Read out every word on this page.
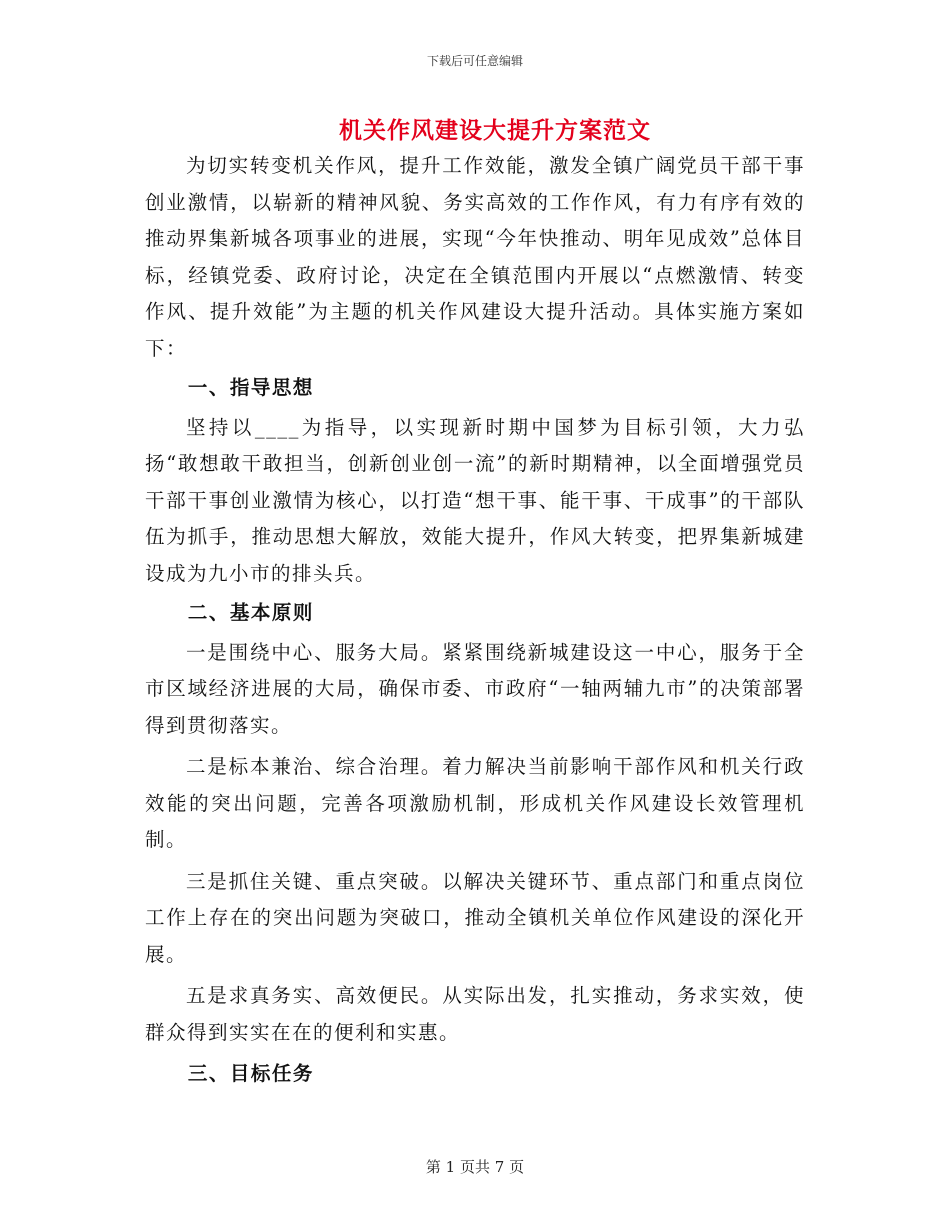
下载后可任意编辑
机关作风建设大提升方案范文

为切实转变机关作风，提升工作效能，激发全镇广阔党员干部干事创业激情，以崭新的精神风貌、务实高效的工作作风，有力有序有效的推动界集新城各项事业的进展，实现“今年快推动、明年见成效”总体目标，经镇党委、政府讨论，决定在全镇范围内开展以“点燃激情、转变作风、提升效能”为主题的机关作风建设大提升活动。具体实施方案如下：

一、指导思想

坚持以____为指导，以实现新时期中国梦为目标引领，大力弘扬“敢想敢干敢担当，创新创业创一流”的新时期精神，以全面增强党员干部干事创业激情为核心，以打造“想干事、能干事、干成事”的干部队伍为抓手，推动思想大解放，效能大提升，作风大转变，把界集新城建设成为九小市的排头兵。

二、基本原则

一是围绕中心、服务大局。紧紧围绕新城建设这一中心，服务于全市区域经济进展的大局，确保市委、市政府“一轴两辅九市”的决策部署得到贯彻落实。

二是标本兼治、综合治理。着力解决当前影响干部作风和机关行政效能的突出问题，完善各项激励机制，形成机关作风建设长效管理机制。

三是抓住关键、重点突破。以解决关键环节、重点部门和重点岗位工作上存在的突出问题为突破口，推动全镇机关单位作风建设的深化开展。

五是求真务实、高效便民。从实际出发，扎实推动，务求实效，使群众得到实实在在的便利和实惠。

三、目标任务

第 1 页共 7 页
